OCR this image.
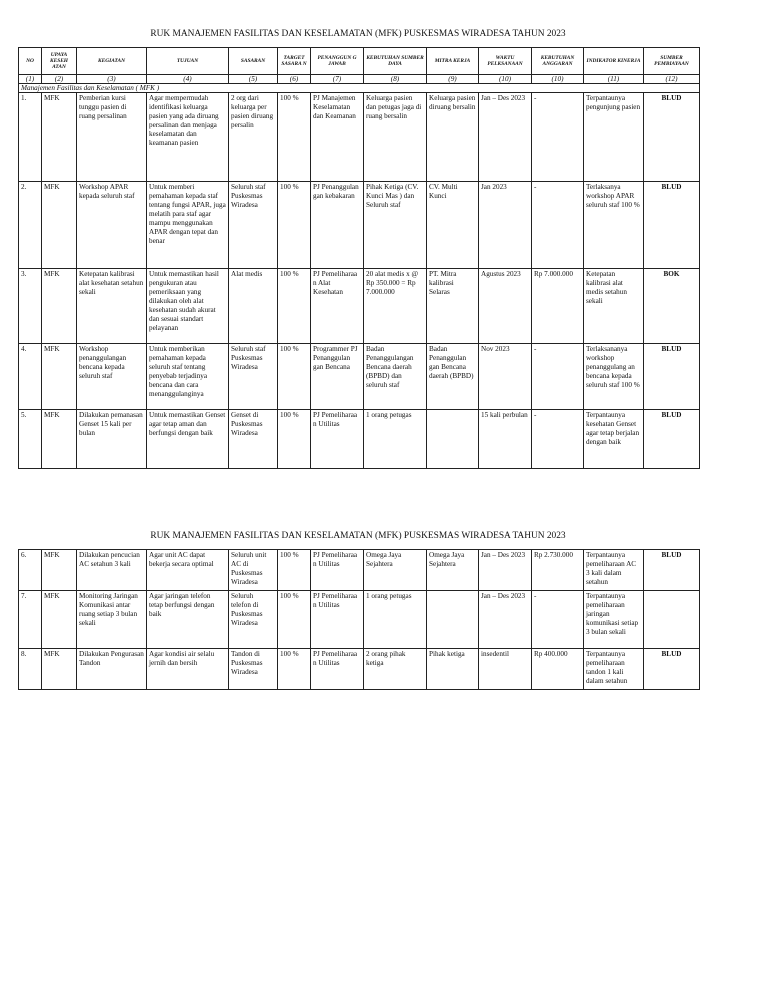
RUK MANAJEMEN FASILITAS DAN KESELAMATAN (MFK) PUSKESMAS WIRADESA TAHUN 2023
NO	UPAYA KESEH ATAN	KEGIATAN	TUJUAN	SASARAN	TARGET SASARA N	PENANGGUN G JAWAB	KEBUTUHAN SUMBER DAYA	MITRA KERJA	WAKTU PELKSANAAN	KEBUTUHAN ANGGARAN	INDIKATOR KINERJA	SUMBER PEMBIAYAAN
(1)	(2)	(3)	(4)	(5)	(6)	(7)	(8)	(9)	(10)	(10)	(11)	(12)
Manajemen Fasilitas dan Keselamatan ( MFK )												
1.	MFK	Pemberian kursi tunggu pasien di ruang persalinan	Agar mempermudah identifikasi keluarga pasien yang ada diruang persalinan dan menjaga keselamatan dan keamanan pasien	2 org dari keluarga per pasien diruang persalin	100 %	PJ Manajemen Keselamatan dan Keamanan	Keluarga pasien dan petugas jaga di ruang bersalin	Keluarga pasien diruang bersalin	Jan – Des 2023	-	Terpantaunya pengunjung pasien	BLUD
2.	MFK	Workshop APAR kepada seluruh staf	Untuk memberi pemahaman kepada staf tentang fungsi APAR, juga melatih para staf agar mampu menggunakan APAR dengan tepat dan benar	Seluruh staf Puskesmas Wiradesa	100 %	PJ Penanggulan gan kebakaran	Pihak Ketiga (CV. Kunci Mas ) dan Seluruh staf	CV. Multi Kunci	Jan 2023	-	Terlaksanya workshop APAR seluruh staf 100 %	BLUD
3.	MFK	Ketepatan kalibrasi alat kesehatan setahun sekali	Untuk memastikan hasil pengukuran atau pemeriksaan yang dilakukan oleh alat kesehatan sudah akurat dan sesuai standart pelayanan	Alat medis	100 %	PJ Pemeliharaa n Alat Kesehatan	20 alat medis x @ Rp 350.000 = Rp 7.000.000	PT. Mitra kalibrasi Selaras	Agustus 2023	Rp 7.000.000	Ketepatan kalibrasi alat medis setahun sekali	BOK
4.	MFK	Workshop penanggulangan bencana kepada seluruh staf	Untuk memberikan pemahaman kepada seluruh staf tentang penyebab terjadinya bencana dan cara menanggulanginya	Seluruh staf Puskesmas Wiradesa	100 %	Programmer PJ Penanggulan gan Bencana	Badan Penanggulangan Bencana daerah (BPBD) dan seluruh staf	Badan Penanggulan gan Bencana daerah (BPBD)	Nov 2023	-	Terlaksananya workshop penanggulang an bencana kepada seluruh staf 100 %	BLUD
5.	MFK	Dilakukan pemanasan Genset 15 kali per bulan	Untuk memastikan Genset agar tetap aman dan berfungsi dengan baik	Genset di Puskesmas Wiradesa	100 %	PJ Pemeliharaa n Utilitas	1 orang petugas		15 kali perbulan	-	Terpantaunya kesehatan Genset agar tetap berjalan dengan baik	BLUD
RUK MANAJEMEN FASILITAS DAN KESELAMATAN (MFK) PUSKESMAS WIRADESA TAHUN 2023
6.	MFK	Dilakukan pencucian AC setahun 3 kali	Agar unit AC dapat bekerja secara optimal	Seluruh unit AC di Puskesmas Wiradesa	100 %	PJ Pemeliharaa n Utilitas	Omega Jaya Sejahtera	Omega Jaya Sejahtera	Jan – Des 2023	Rp 2.730.000	Terpantaunya pemeliharaan AC 3 kali dalam setahun	BLUD
7.	MFK	Monitoring Jaringan Komunikasi antar ruang setiap 3 bulan sekali	Agar jaringan telefon tetap berfungsi dengan baik	Seluruh telefon di Puskesmas Wiradesa	100 %	PJ Pemeliharaa n Utilitas	1 orang petugas		Jan – Des 2023	-	Terpantaunya pemeliharaan jaringan komunikasi setiap 3 bulan sekali	
8.	MFK	Dilakukan Pengurasan Tandon	Agar kondisi air selalu jernih dan bersih	Tandon di Puskesmas Wiradesa	100 %	PJ Pemeliharaa n Utilitas	2 orang pihak ketiga	Pihak ketiga	insedentil	Rp 400.000	Terpantaunya pemeliharaan tandon 1 kali dalam setahun	BLUD
